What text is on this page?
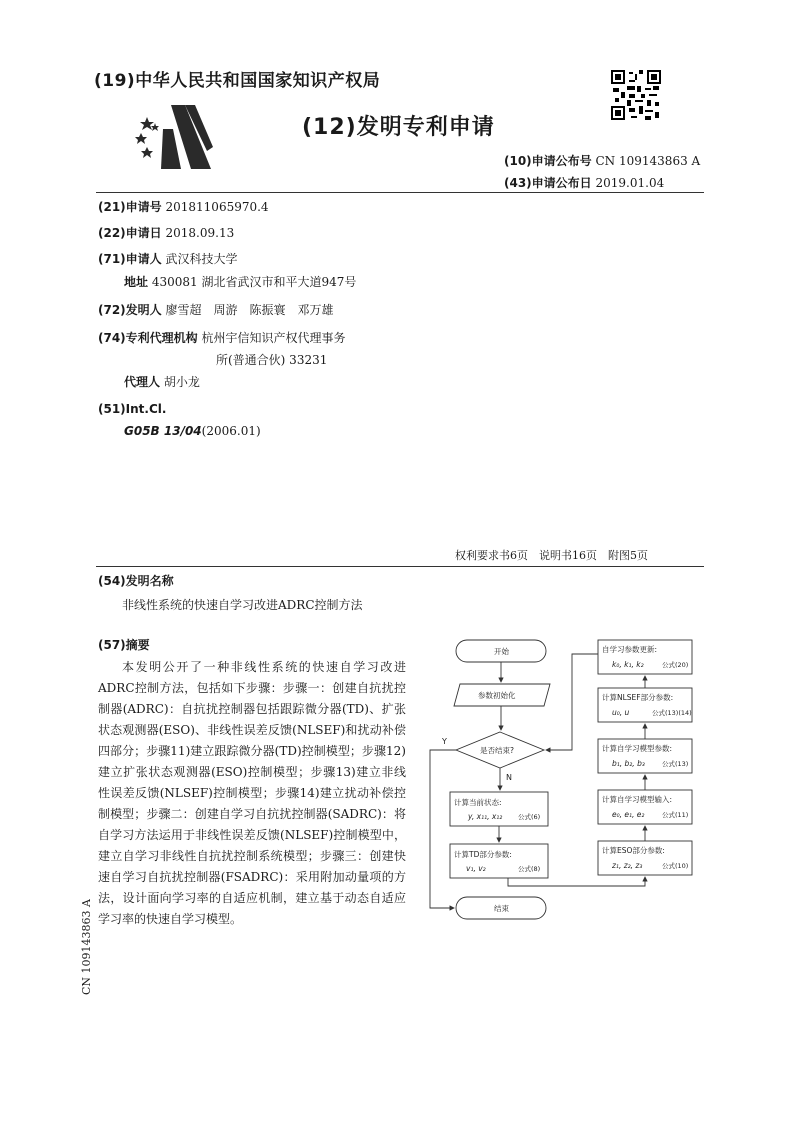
(19)中华人民共和国国家知识产权局
(12)发明专利申请
(10)申请公布号 CN 109143863 A
(43)申请公布日 2019.01.04
(21)申请号 201811065970.4
(22)申请日 2018.09.13
(71)申请人 武汉科技大学
地址 430081 湖北省武汉市和平大道947号
(72)发明人 廖雪超　周游　陈振寰　邓万雄
(74)专利代理机构 杭州宇信知识产权代理事务
所(普通合伙) 33231
代理人 胡小龙
(51)Int.Cl.
G05B 13/04(2006.01)
权利要求书6页　说明书16页　附图5页
(54)发明名称
非线性系统的快速自学习改进ADRC控制方法
(57)摘要
本发明公开了一种非线性系统的快速自学习改进ADRC控制方法，包括如下步骤：步骤一：创建自抗扰控制器(ADRC)：自抗扰控制器包括跟踪微分器(TD)、扩张状态观测器(ESO)、非线性误差反馈(NLSEF)和扰动补偿四部分；步骤11)建立跟踪微分器(TD)控制模型；步骤12)建立扩张状态观测器(ESO)控制模型；步骤13)建立非线性误差反馈(NLSEF)控制模型；步骤14)建立扰动补偿控制模型；步骤二：创建自学习自抗扰控制器(SADRC)：将自学习方法运用于非线性误差反馈(NLSEF)控制模型中，建立自学习非线性自抗扰控制系统模型；步骤三：创建快速自学习自抗扰控制器(FSADRC)：采用附加动量项的方法，设计面向学习率的自适应机制，建立基于动态自适应学习率的快速自学习模型。
CN 109143863 A
开始
参数初始化
是否结束?
Y
N
计算当前状态:
y, x₁₁, x₁₂ 公式(6)
计算TD部分参数:
v₁, v₂	公式(8)
结束
自学习参数更新:
k₀, k₁, k₂	公式(20)
计算NLSEF部分参数:
u₀, u	公式(13)(14)
计算自学习模型参数:
b₁, b₂, b₃	公式(13)
计算自学习模型输入:
e₀, e₁, e₂	公式(11)
计算ESO部分参数:
z₁, z₂, z₃	公式(10)
